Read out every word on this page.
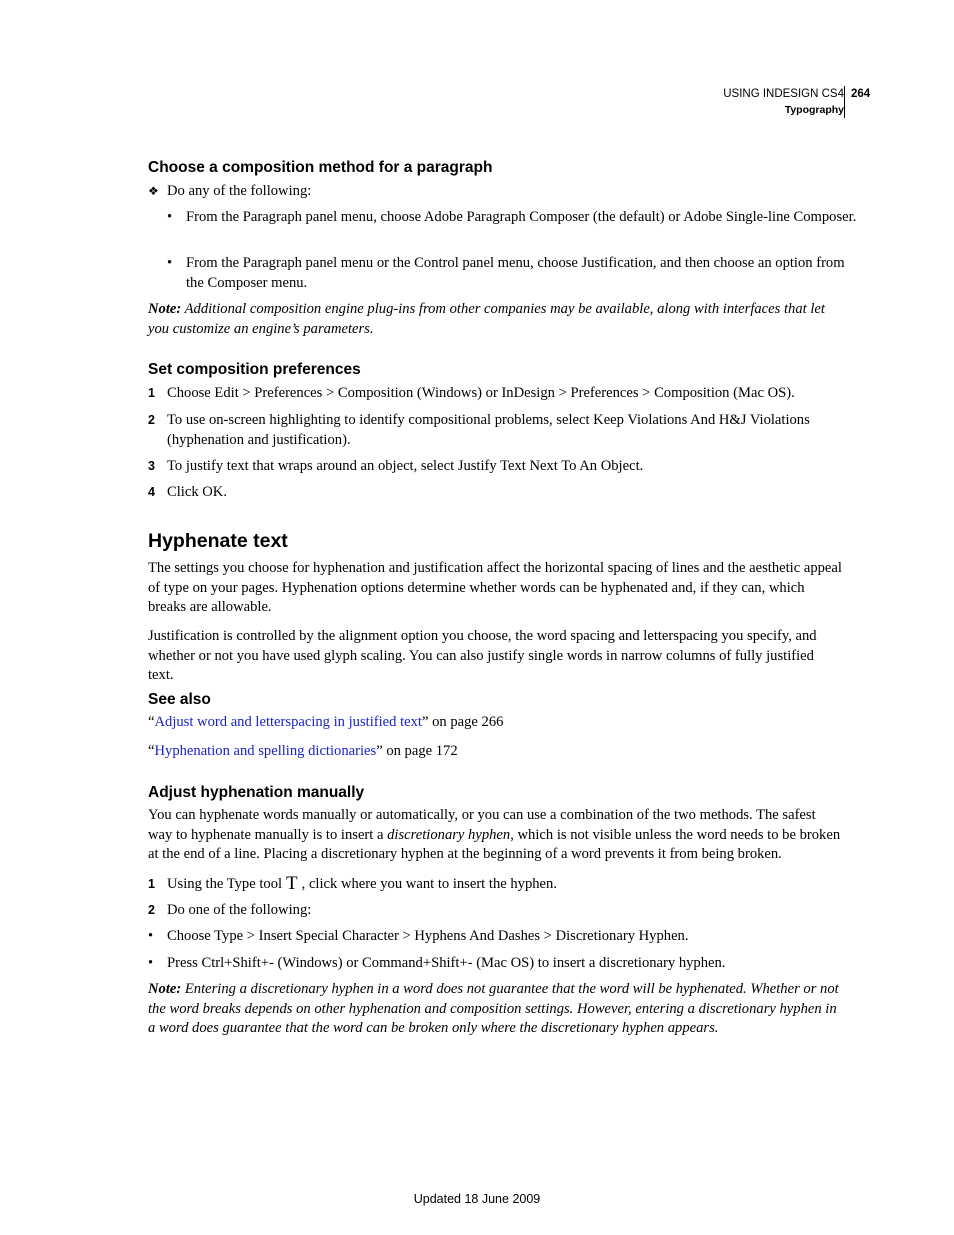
USING INDESIGN CS4
Typography
264
Choose a composition method for a paragraph

❖ Do any of the following:

• From the Paragraph panel menu, choose Adobe Paragraph Composer (the default) or Adobe Single-line Composer.

• From the Paragraph panel menu or the Control panel menu, choose Justification, and then choose an option from the Composer menu.

Note: Additional composition engine plug-ins from other companies may be available, along with interfaces that let you customize an engine’s parameters.

Set composition preferences

1 Choose Edit > Preferences > Composition (Windows) or InDesign > Preferences > Composition (Mac OS).

2 To use on-screen highlighting to identify compositional problems, select Keep Violations And H&J Violations (hyphenation and justification).

3 To justify text that wraps around an object, select Justify Text Next To An Object.

4 Click OK.

Hyphenate text

The settings you choose for hyphenation and justification affect the horizontal spacing of lines and the aesthetic appeal of type on your pages. Hyphenation options determine whether words can be hyphenated and, if they can, which breaks are allowable.

Justification is controlled by the alignment option you choose, the word spacing and letterspacing you specify, and whether or not you have used glyph scaling. You can also justify single words in narrow columns of fully justified text.

See also

“Adjust word and letterspacing in justified text” on page 266

“Hyphenation and spelling dictionaries” on page 172

Adjust hyphenation manually

You can hyphenate words manually or automatically, or you can use a combination of the two methods. The safest way to hyphenate manually is to insert a discretionary hyphen, which is not visible unless the word needs to be broken at the end of a line. Placing a discretionary hyphen at the beginning of a word prevents it from being broken.

1 Using the Type tool T , click where you want to insert the hyphen.

2 Do one of the following:

• Choose Type > Insert Special Character > Hyphens And Dashes > Discretionary Hyphen.

• Press Ctrl+Shift+- (Windows) or Command+Shift+- (Mac OS) to insert a discretionary hyphen.

Note: Entering a discretionary hyphen in a word does not guarantee that the word will be hyphenated. Whether or not the word breaks depends on other hyphenation and composition settings. However, entering a discretionary hyphen in a word does guarantee that the word can be broken only where the discretionary hyphen appears.

Updated 18 June 2009
